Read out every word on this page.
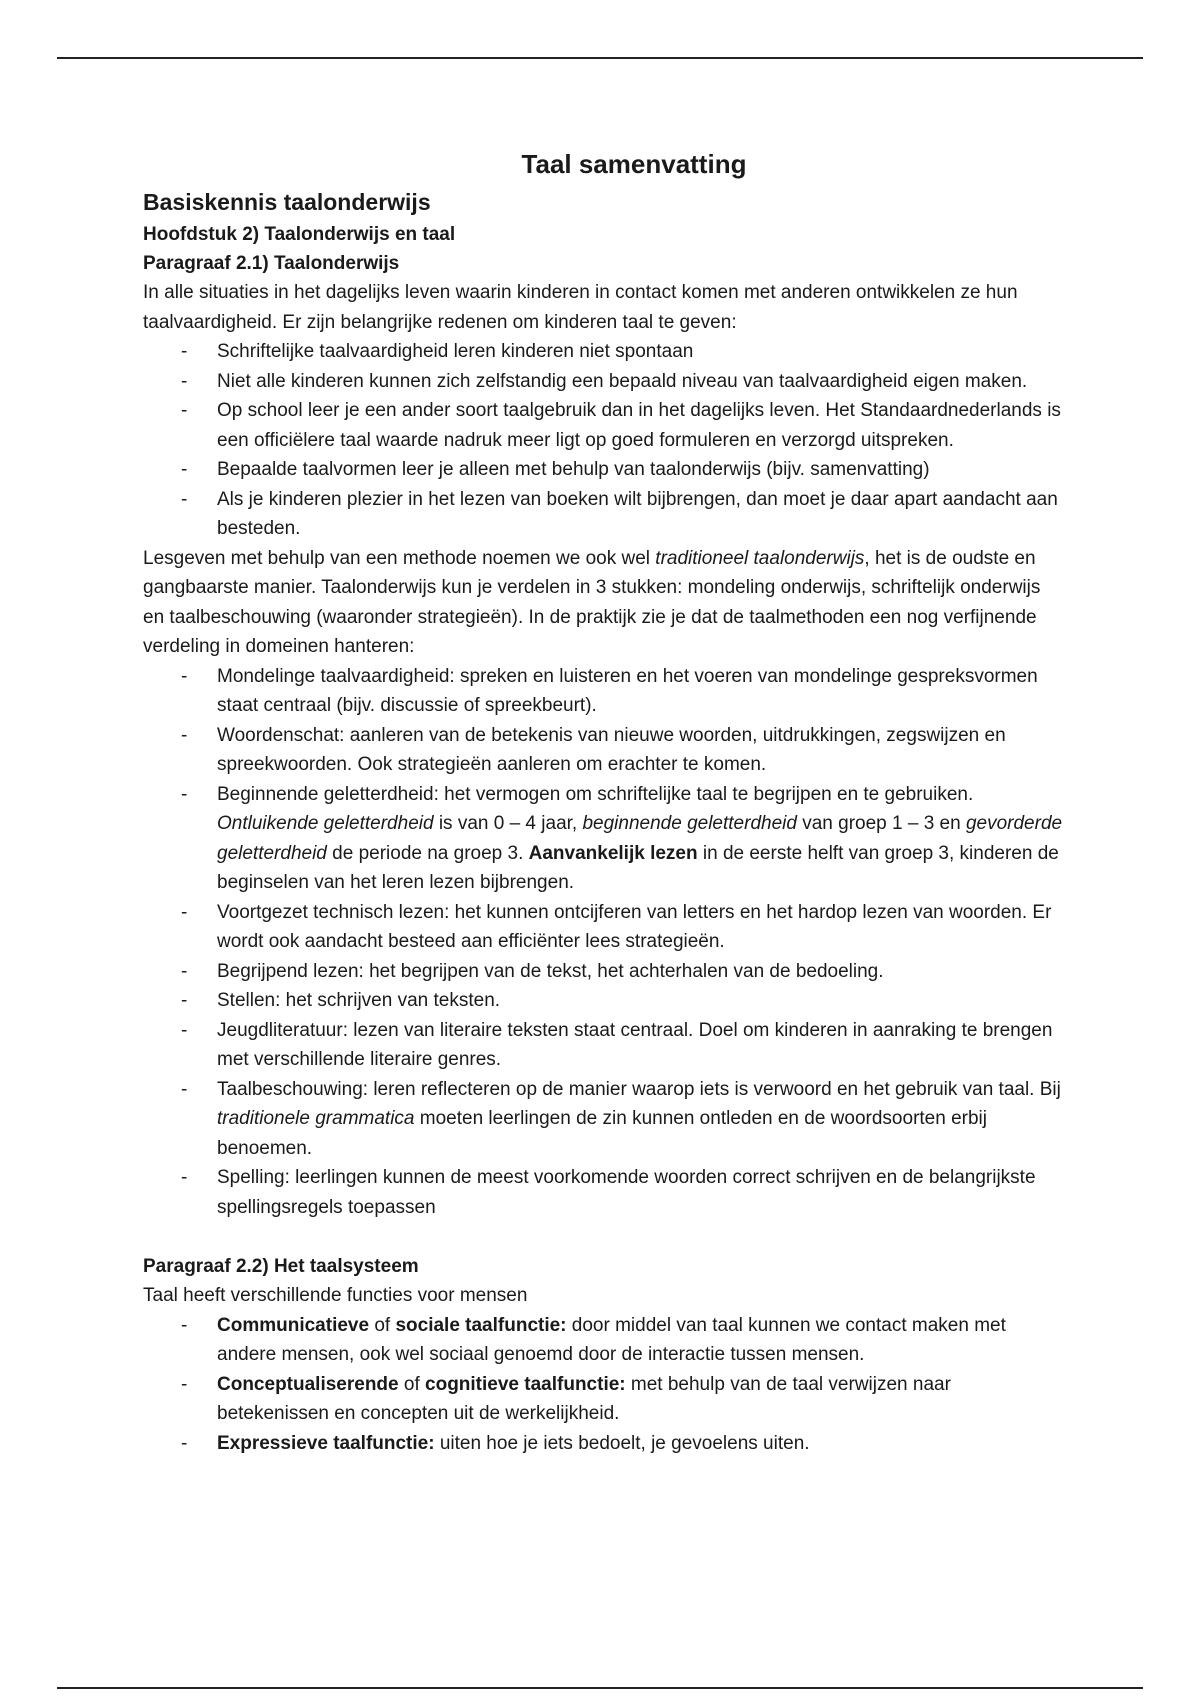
Taal samenvatting
Basiskennis taalonderwijs
Hoofdstuk 2) Taalonderwijs en taal
Paragraaf 2.1) Taalonderwijs

In alle situaties in het dagelijks leven waarin kinderen in contact komen met anderen ontwikkelen ze hun taalvaardigheid. Er zijn belangrijke redenen om kinderen taal te geven:

- Schriftelijke taalvaardigheid leren kinderen niet spontaan
- Niet alle kinderen kunnen zich zelfstandig een bepaald niveau van taalvaardigheid eigen maken.
- Op school leer je een ander soort taalgebruik dan in het dagelijks leven. Het Standaardnederlands is een officiëlere taal waarde nadruk meer ligt op goed formuleren en verzorgd uitspreken.
- Bepaalde taalvormen leer je alleen met behulp van taalonderwijs (bijv. samenvatting)
- Als je kinderen plezier in het lezen van boeken wilt bijbrengen, dan moet je daar apart aandacht aan besteden.

Lesgeven met behulp van een methode noemen we ook wel traditioneel taalonderwijs, het is de oudste en gangbaarste manier. Taalonderwijs kun je verdelen in 3 stukken: mondeling onderwijs, schriftelijk onderwijs en taalbeschouwing (waaronder strategieën). In de praktijk zie je dat de taalmethoden een nog verfijnende verdeling in domeinen hanteren:

- Mondelinge taalvaardigheid: spreken en luisteren en het voeren van mondelinge gespreksvormen staat centraal (bijv. discussie of spreekbeurt).
- Woordenschat: aanleren van de betekenis van nieuwe woorden, uitdrukkingen, zegswijzen en spreekwoorden. Ook strategieën aanleren om erachter te komen.
- Beginnende geletterdheid: het vermogen om schriftelijke taal te begrijpen en te gebruiken. Ontluikende geletterdheid is van 0 – 4 jaar, beginnende geletterdheid van groep 1 – 3 en gevorderde geletterdheid de periode na groep 3. Aanvankelijk lezen in de eerste helft van groep 3, kinderen de beginselen van het leren lezen bijbrengen.
- Voortgezet technisch lezen: het kunnen ontcijferen van letters en het hardop lezen van woorden. Er wordt ook aandacht besteed aan efficiënter lees strategieën.
- Begrijpend lezen: het begrijpen van de tekst, het achterhalen van de bedoeling.
- Stellen: het schrijven van teksten.
- Jeugdliteratuur: lezen van literaire teksten staat centraal. Doel om kinderen in aanraking te brengen met verschillende literaire genres.
- Taalbeschouwing: leren reflecteren op de manier waarop iets is verwoord en het gebruik van taal. Bij traditionele grammatica moeten leerlingen de zin kunnen ontleden en de woordsoorten erbij benoemen.
- Spelling: leerlingen kunnen de meest voorkomende woorden correct schrijven en de belangrijkste spellingsregels toepassen
Paragraaf 2.2) Het taalsysteem

Taal heeft verschillende functies voor mensen

- Communicatieve of sociale taalfunctie: door middel van taal kunnen we contact maken met andere mensen, ook wel sociaal genoemd door de interactie tussen mensen.
- Conceptualiserende of cognitieve taalfunctie: met behulp van de taal verwijzen naar betekenissen en concepten uit de werkelijkheid.
- Expressieve taalfunctie: uiten hoe je iets bedoelt, je gevoelens uiten.
